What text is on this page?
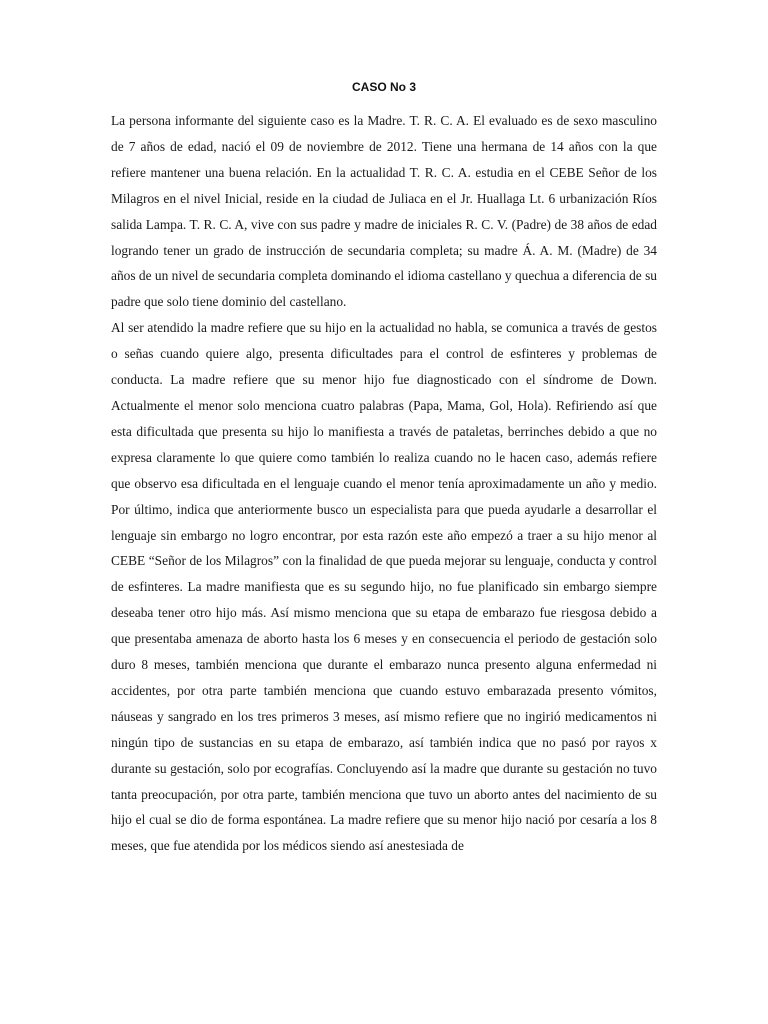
CASO No 3

La persona informante del siguiente caso es la Madre. T. R. C. A. El evaluado es de sexo masculino de 7 años de edad, nació el 09 de noviembre de 2012. Tiene una hermana de 14 años con la que refiere mantener una buena relación. En la actualidad T. R. C. A. estudia en el CEBE Señor de los Milagros en el nivel Inicial, reside en la ciudad de Juliaca en el Jr. Huallaga Lt. 6 urbanización Ríos salida Lampa. T. R. C. A, vive con sus padre y madre de iniciales R. C. V. (Padre) de 38 años de edad logrando tener un grado de instrucción de secundaria completa; su madre Á. A. M. (Madre) de 34 años de un nivel de secundaria completa dominando el idioma castellano y quechua a diferencia de su padre que solo tiene dominio del castellano.

Al ser atendido la madre refiere que su hijo en la actualidad no habla, se comunica a través de gestos o señas cuando quiere algo, presenta dificultades para el control de esfinteres y problemas de conducta. La madre refiere que su menor hijo fue diagnosticado con el síndrome de Down. Actualmente el menor solo menciona cuatro palabras (Papa, Mama, Gol, Hola). Refiriendo así que esta dificultada que presenta su hijo lo manifiesta a través de pataletas, berrinches debido a que no expresa claramente lo que quiere como también lo realiza cuando no le hacen caso, además refiere que observo esa dificultada en el lenguaje cuando el menor tenía aproximadamente un año y medio. Por último, indica que anteriormente busco un especialista para que pueda ayudarle a desarrollar el lenguaje sin embargo no logro encontrar, por esta razón este año empezó a traer a su hijo menor al CEBE “Señor de los Milagros” con la finalidad de que pueda mejorar su lenguaje, conducta y control de esfinteres. La madre manifiesta que es su segundo hijo, no fue planificado sin embargo siempre deseaba tener otro hijo más. Así mismo menciona que su etapa de embarazo fue riesgosa debido a que presentaba amenaza de aborto hasta los 6 meses y en consecuencia el periodo de gestación solo duro 8 meses, también menciona que durante el embarazo nunca presento alguna enfermedad ni accidentes, por otra parte también menciona que cuando estuvo embarazada presento vómitos, náuseas y sangrado en los tres primeros 3 meses, así mismo refiere que no ingirió medicamentos ni ningún tipo de sustancias en su etapa de embarazo, así también indica que no pasó por rayos x durante su gestación, solo por ecografías. Concluyendo así la madre que durante su gestación no tuvo tanta preocupación, por otra parte, también menciona que tuvo un aborto antes del nacimiento de su hijo el cual se dio de forma espontánea. La madre refiere que su menor hijo nació por cesaría a los 8 meses, que fue atendida por los médicos siendo así anestesiada de
